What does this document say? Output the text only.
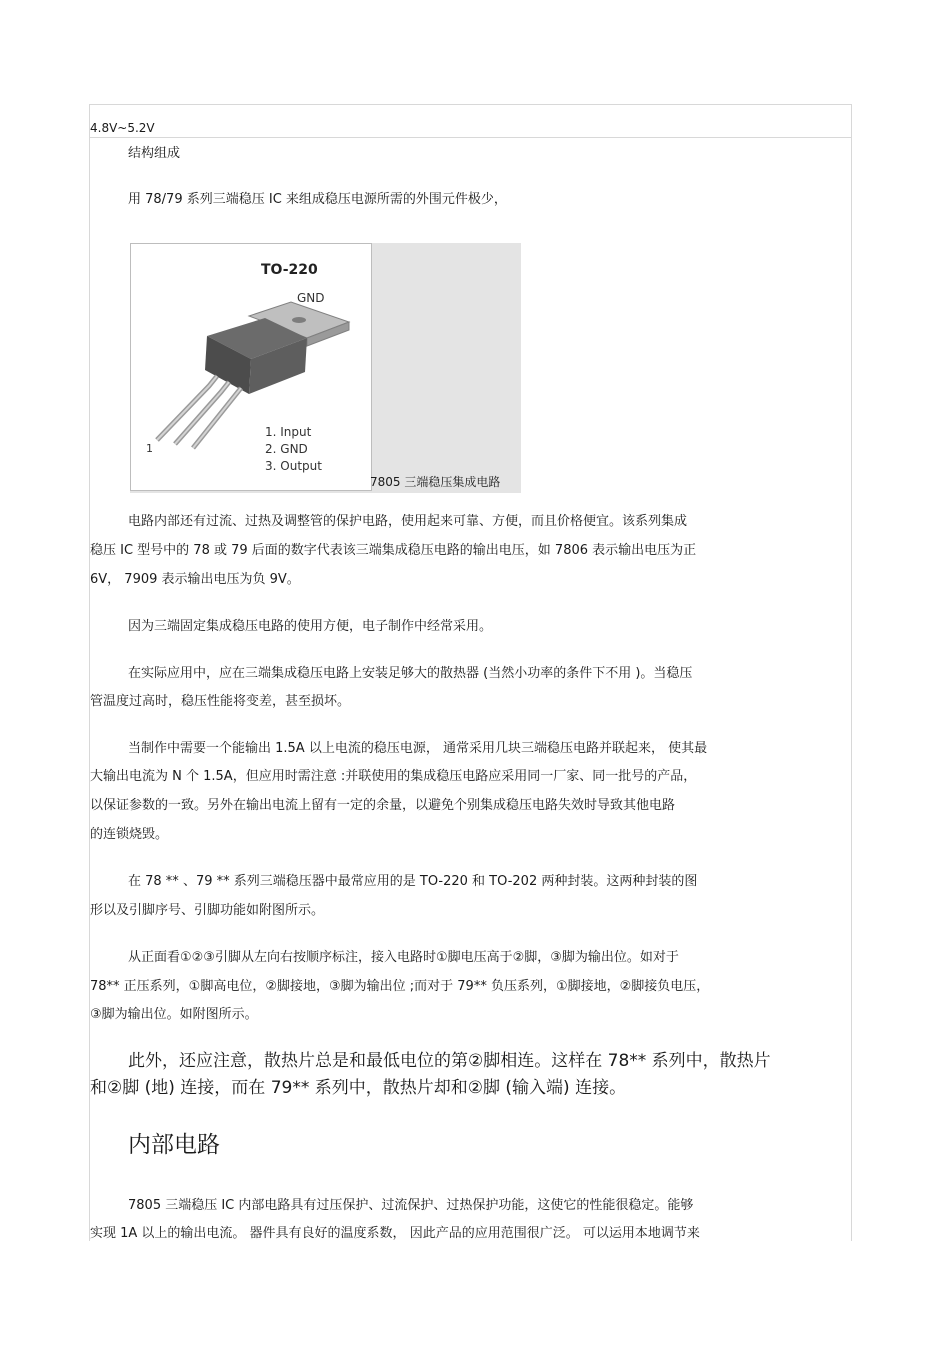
4.8V~5.2V
结构组成
用 78/79 系列三端稳压 IC 来组成稳压电源所需的外围元件极少，
TO-220
GND
1
1. Input
2. GND
3. Output
7805 三端稳压集成电路
电路内部还有过流、过热及调整管的保护电路，使用起来可靠、方便，而且价格便宜。该系列集成
稳压 IC 型号中的 78 或 79 后面的数字代表该三端集成稳压电路的输出电压，如 7806 表示输出电压为正
6V， 7909 表示输出电压为负 9V。
因为三端固定集成稳压电路的使用方便，电子制作中经常采用。
在实际应用中，应在三端集成稳压电路上安装足够大的散热器 (当然小功率的条件下不用 )。当稳压
管温度过高时，稳压性能将变差，甚至损坏。
当制作中需要一个能输出 1.5A 以上电流的稳压电源， 通常采用几块三端稳压电路并联起来， 使其最
大输出电流为 N 个 1.5A，但应用时需注意 :并联使用的集成稳压电路应采用同一厂家、同一批号的产品，
以保证参数的一致。另外在输出电流上留有一定的余量，以避免个别集成稳压电路失效时导致其他电路
的连锁烧毁。
在 78 ** 、79 ** 系列三端稳压器中最常应用的是 TO-220 和 TO-202 两种封装。这两种封装的图
形以及引脚序号、引脚功能如附图所示。
从正面看①②③引脚从左向右按顺序标注，接入电路时①脚电压高于②脚，③脚为输出位。如对于
78** 正压系列，①脚高电位，②脚接地，③脚为输出位 ;而对于 79** 负压系列，①脚接地，②脚接负电压，
③脚为输出位。如附图所示。
此外，还应注意，散热片总是和最低电位的第②脚相连。这样在 78** 系列中，散热片
和②脚 (地) 连接，而在 79** 系列中，散热片却和②脚 (输入端) 连接。
内部电路
7805 三端稳压 IC 内部电路具有过压保护、过流保护、过热保护功能，这使它的性能很稳定。能够
实现 1A 以上的输出电流。 器件具有良好的温度系数， 因此产品的应用范围很广泛。 可以运用本地调节来
